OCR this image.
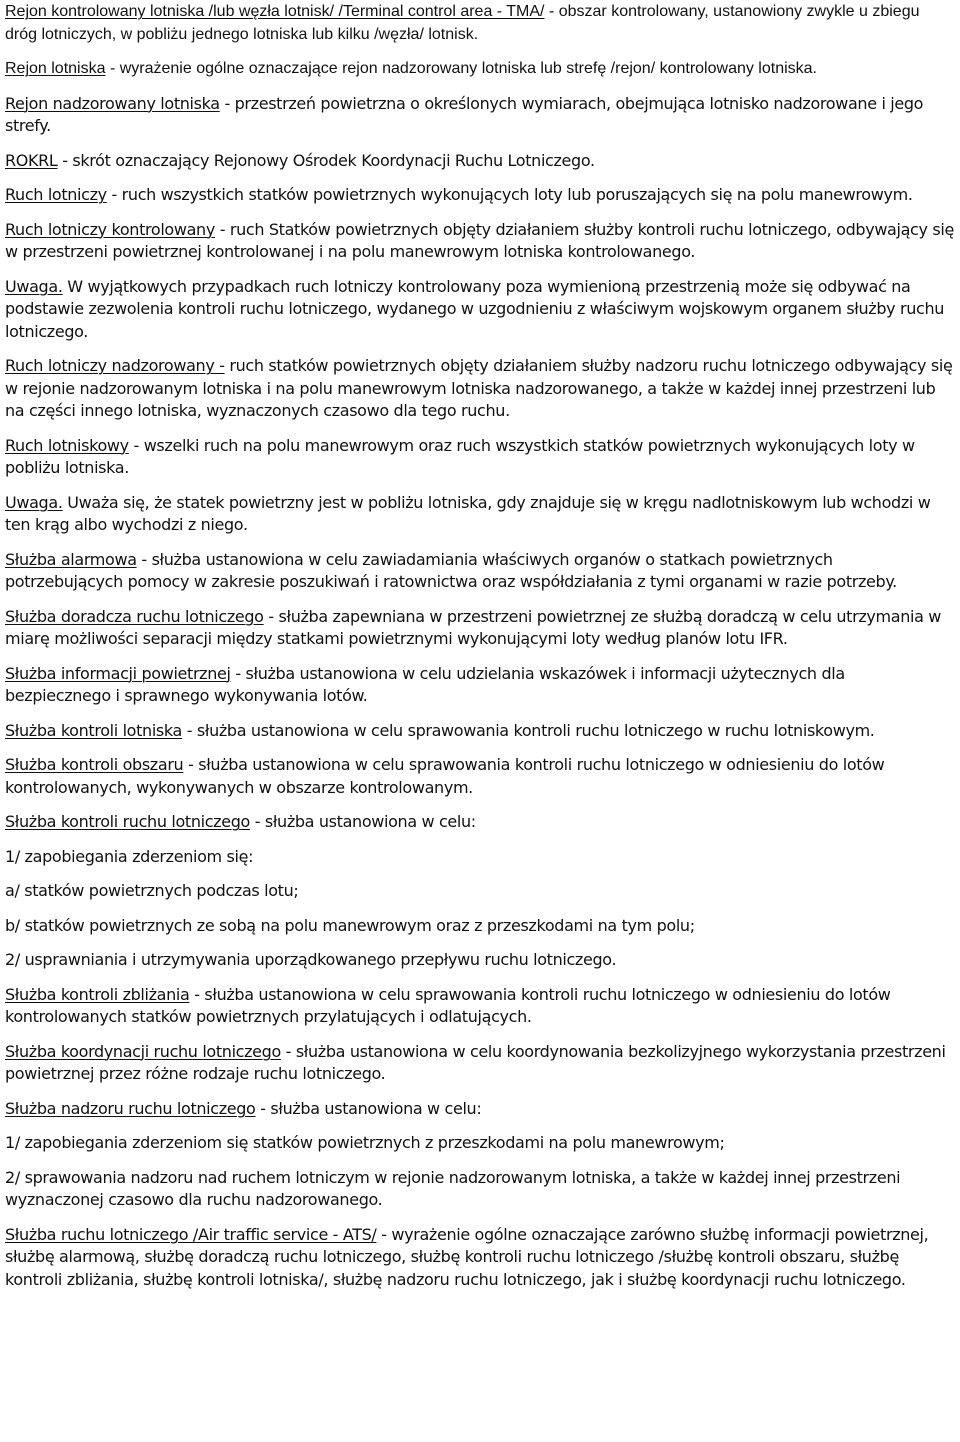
Rejon kontrolowany lotniska /lub węzła lotnisk/ /Terminal control area - TMA/ - obszar kontrolowany, ustanowiony zwykle u zbiegu dróg lotniczych, w pobliżu jednego lotniska lub kilku /węzła/ lotnisk.

Rejon lotniska - wyrażenie ogólne oznaczające rejon nadzorowany lotniska lub strefę /rejon/ kontrolowany lotniska.

Rejon nadzorowany lotniska - przestrzeń powietrzna o określonych wymiarach, obejmująca lotnisko nadzorowane i jego strefy.

ROKRL - skrót oznaczający Rejonowy Ośrodek Koordynacji Ruchu Lotniczego.

Ruch lotniczy - ruch wszystkich statków powietrznych wykonujących loty lub poruszających się na polu manewrowym.

Ruch lotniczy kontrolowany - ruch Statków powietrznych objęty działaniem służby kontroli ruchu lotniczego, odbywający się w przestrzeni powietrznej kontrolowanej i na polu manewrowym lotniska kontrolowanego.

Uwaga. W wyjątkowych przypadkach ruch lotniczy kontrolowany poza wymienioną przestrzenią może się odbywać na podstawie zezwolenia kontroli ruchu lotniczego, wydanego w uzgodnieniu z właściwym wojskowym organem służby ruchu lotniczego.

Ruch lotniczy nadzorowany - ruch statków powietrznych objęty działaniem służby nadzoru ruchu lotniczego odbywający się w rejonie nadzorowanym lotniska i na polu manewrowym lotniska nadzorowanego, a także w każdej innej przestrzeni lub na części innego lotniska, wyznaczonych czasowo dla tego ruchu.

Ruch lotniskowy - wszelki ruch na polu manewrowym oraz ruch wszystkich statków powietrznych wykonujących loty w pobliżu lotniska.

Uwaga. Uważa się, że statek powietrzny jest w pobliżu lotniska, gdy znajduje się w kręgu nadlotniskowym lub wchodzi w ten krąg albo wychodzi z niego.

Służba alarmowa - służba ustanowiona w celu zawiadamiania właściwych organów o statkach powietrznych potrzebujących pomocy w zakresie poszukiwań i ratownictwa oraz współdziałania z tymi organami w razie potrzeby.

Służba doradcza ruchu lotniczego - służba zapewniana w przestrzeni powietrznej ze służbą doradczą w celu utrzymania w miarę możliwości separacji między statkami powietrznymi wykonującymi loty według planów lotu IFR.

Służba informacji powietrznej - służba ustanowiona w celu udzielania wskazówek i informacji użytecznych dla bezpiecznego i sprawnego wykonywania lotów.

Służba kontroli lotniska - służba ustanowiona w celu sprawowania kontroli ruchu lotniczego w ruchu lotniskowym.

Służba kontroli obszaru - służba ustanowiona w celu sprawowania kontroli ruchu lotniczego w odniesieniu do lotów kontrolowanych, wykonywanych w obszarze kontrolowanym.

Służba kontroli ruchu lotniczego - służba ustanowiona w celu:

1/ zapobiegania zderzeniom się:

a/ statków powietrznych podczas lotu;

b/ statków powietrznych ze sobą na polu manewrowym oraz z przeszkodami na tym polu;

2/ usprawniania i utrzymywania uporządkowanego przepływu ruchu lotniczego.

Służba kontroli zbliżania - służba ustanowiona w celu sprawowania kontroli ruchu lotniczego w odniesieniu do lotów kontrolowanych statków powietrznych przylatujących i odlatujących.

Służba koordynacji ruchu lotniczego - służba ustanowiona w celu koordynowania bezkolizyjnego wykorzystania przestrzeni powietrznej przez różne rodzaje ruchu lotniczego.

Służba nadzoru ruchu lotniczego - służba ustanowiona w celu:

1/ zapobiegania zderzeniom się statków powietrznych z przeszkodami na polu manewrowym;

2/ sprawowania nadzoru nad ruchem lotniczym w rejonie nadzorowanym lotniska, a także w każdej innej przestrzeni wyznaczonej czasowo dla ruchu nadzorowanego.

Służba ruchu lotniczego /Air traffic service - ATS/ - wyrażenie ogólne oznaczające zarówno służbę informacji powietrznej, służbę alarmową, służbę doradczą ruchu lotniczego, służbę kontroli ruchu lotniczego /służbę kontroli obszaru, służbę kontroli zbliżania, służbę kontroli lotniska/, służbę nadzoru ruchu lotniczego, jak i służbę koordynacji ruchu lotniczego.
